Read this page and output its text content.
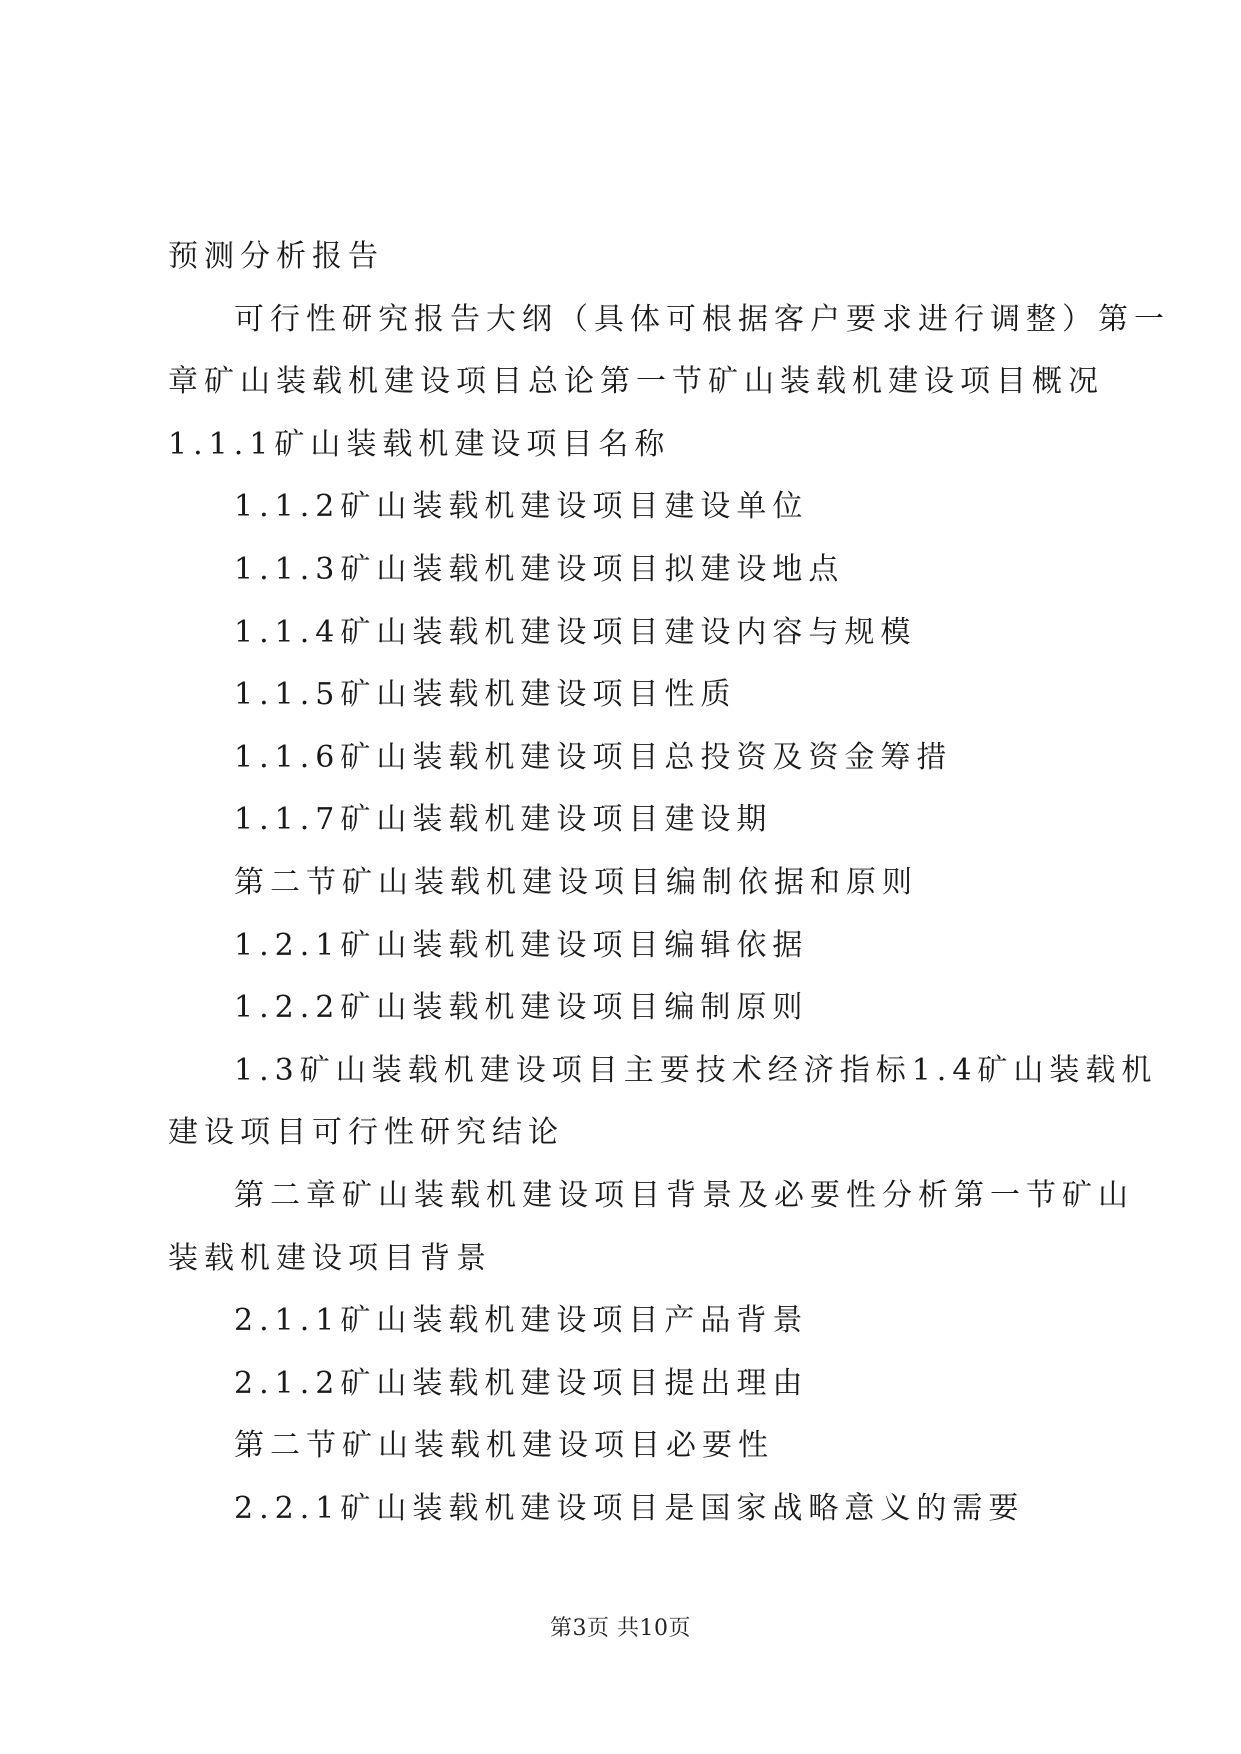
预测分析报告
可行性研究报告大纲（具体可根据客户要求进行调整）第一
章矿山装载机建设项目总论第一节矿山装载机建设项目概况
1.1.1矿山装载机建设项目名称
1.1.2矿山装载机建设项目建设单位
1.1.3矿山装载机建设项目拟建设地点
1.1.4矿山装载机建设项目建设内容与规模
1.1.5矿山装载机建设项目性质
1.1.6矿山装载机建设项目总投资及资金筹措
1.1.7矿山装载机建设项目建设期
第二节矿山装载机建设项目编制依据和原则
1.2.1矿山装载机建设项目编辑依据
1.2.2矿山装载机建设项目编制原则
1.3矿山装载机建设项目主要技术经济指标1.4矿山装载机
建设项目可行性研究结论
第二章矿山装载机建设项目背景及必要性分析第一节矿山
装载机建设项目背景
2.1.1矿山装载机建设项目产品背景
2.1.2矿山装载机建设项目提出理由
第二节矿山装载机建设项目必要性
2.2.1矿山装载机建设项目是国家战略意义的需要
第3页 共10页
